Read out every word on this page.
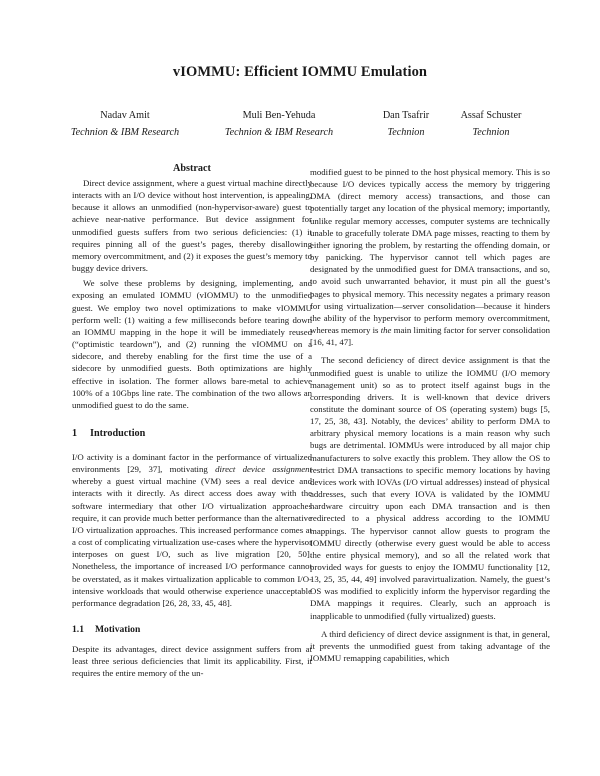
vIOMMU: Efficient IOMMU Emulation
Nadav Amit
Technion & IBM Research
Muli Ben-Yehuda
Technion & IBM Research
Dan Tsafrir
Technion
Assaf Schuster
Technion
Abstract

Direct device assignment, where a guest virtual machine directly interacts with an I/O device without host intervention, is appealing, because it allows an unmodified (non-hypervisor-aware) guest to achieve near-native performance. But device assignment for unmodified guests suffers from two serious deficiencies: (1) it requires pinning all of the guest’s pages, thereby disallowing memory overcommitment, and (2) it exposes the guest’s memory to buggy device drivers.

We solve these problems by designing, implementing, and exposing an emulated IOMMU (vIOMMU) to the unmodified guest. We employ two novel optimizations to make vIOMMU perform well: (1) waiting a few milliseconds before tearing down an IOMMU mapping in the hope it will be immediately reused (“optimistic teardown”), and (2) running the vIOMMU on a sidecore, and thereby enabling for the first time the use of a sidecore by unmodified guests. Both optimizations are highly effective in isolation. The former allows bare-metal to achieve 100% of a 10Gbps line rate. The combination of the two allows an unmodified guest to do the same.

1 Introduction

I/O activity is a dominant factor in the performance of virtualized environments [29, 37], motivating direct device assignment whereby a guest virtual machine (VM) sees a real device and interacts with it directly. As direct access does away with the software intermediary that other I/O virtualization approaches require, it can provide much better performance than the alternative I/O virtualization approaches. This increased performance comes at a cost of complicating virtualization use-cases where the hypervisor interposes on guest I/O, such as live migration [20, 50]. Nonetheless, the importance of increased I/O performance cannot be overstated, as it makes virtualization applicable to common I/O-intensive workloads that would otherwise experience unacceptable performance degradation [26, 28, 33, 45, 48].

1.1 Motivation

Despite its advantages, direct device assignment suffers from at least three serious deficiencies that limit its applicability. First, it requires the entire memory of the un-

modified guest to be pinned to the host physical memory. This is so because I/O devices typically access the memory by triggering DMA (direct memory access) transactions, and those can potentially target any location of the physical memory; importantly, unlike regular memory accesses, computer systems are technically unable to gracefully tolerate DMA page misses, reacting to them by either ignoring the problem, by restarting the offending domain, or by panicking. The hypervisor cannot tell which pages are designated by the unmodified guest for DMA transactions, and so, to avoid such unwarranted behavior, it must pin all the guest’s pages to physical memory. This necessity negates a primary reason for using virtualization—server consolidation—because it hinders the ability of the hypervisor to perform memory overcommitment, whereas memory is the main limiting factor for server consolidation [16, 41, 47].

The second deficiency of direct device assignment is that the unmodified guest is unable to utilize the IOMMU (I/O memory management unit) so as to protect itself against bugs in the corresponding drivers. It is well-known that device drivers constitute the dominant source of OS (operating system) bugs [5, 17, 25, 38, 43]. Notably, the devices’ ability to perform DMA to arbitrary physical memory locations is a main reason why such bugs are detrimental. IOMMUs were introduced by all major chip manufacturers to solve exactly this problem. They allow the OS to restrict DMA transactions to specific memory locations by having devices work with IOVAs (I/O virtual addresses) instead of physical addresses, such that every IOVA is validated by the IOMMU hardware circuitry upon each DMA transaction and is then redirected to a physical address according to the IOMMU mappings. The hypervisor cannot allow guests to program the IOMMU directly (otherwise every guest would be able to access the entire physical memory), and so all the related work that provided ways for guests to enjoy the IOMMU functionality [12, 13, 25, 35, 44, 49] involved paravirtualization. Namely, the guest’s OS was modified to explicitly inform the hypervisor regarding the DMA mappings it requires. Clearly, such an approach is inapplicable to unmodified (fully virtualized) guests.

A third deficiency of direct device assignment is that, in general, it prevents the unmodified guest from taking advantage of the IOMMU remapping capabilities, which
